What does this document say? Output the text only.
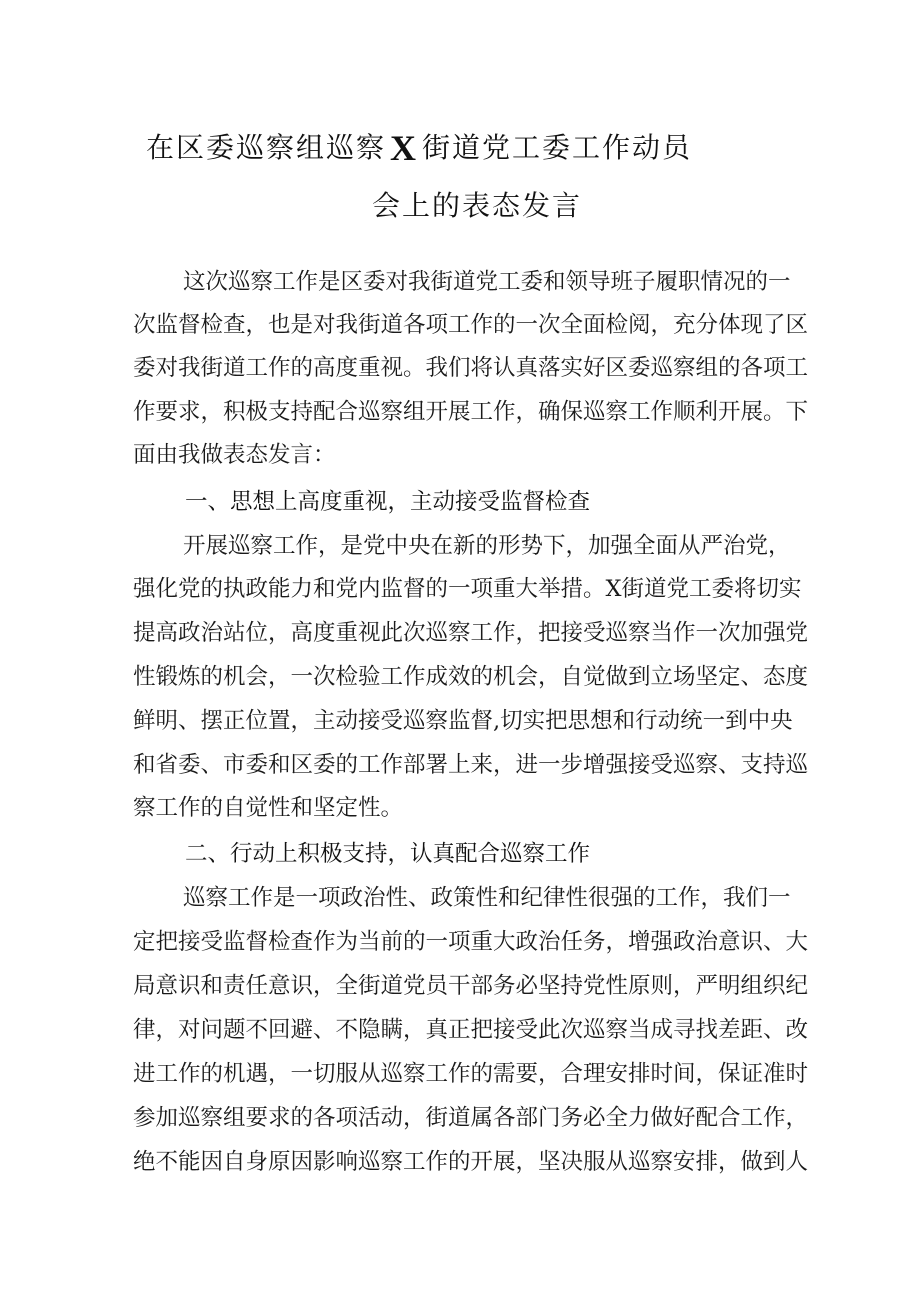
在区委巡察组巡察 X 街道党工委工作动员
会上的表态发言
这次巡察工作是区委对我街道党工委和领导班子履职情况的一
次监督检查，也是对我街道各项工作的一次全面检阅，充分体现了区
委对我街道工作的高度重视。我们将认真落实好区委巡察组的各项工
作要求，积极支持配合巡察组开展工作，确保巡察工作顺利开展。下
面由我做表态发言：
一、思想上高度重视，主动接受监督检查
开展巡察工作，是党中央在新的形势下，加强全面从严治党，
强化党的执政能力和党内监督的一项重大举措。X街道党工委将切实
提高政治站位，高度重视此次巡察工作，把接受巡察当作一次加强党
性锻炼的机会，一次检验工作成效的机会，自觉做到立场坚定、态度
鲜明、摆正位置，主动接受巡察监督,切实把思想和行动统一到中央
和省委、市委和区委的工作部署上来，进一步增强接受巡察、支持巡
察工作的自觉性和坚定性。
二、行动上积极支持，认真配合巡察工作
巡察工作是一项政治性、政策性和纪律性很强的工作，我们一
定把接受监督检查作为当前的一项重大政治任务，增强政治意识、大
局意识和责任意识，全街道党员干部务必坚持党性原则，严明组织纪
律，对问题不回避、不隐瞒，真正把接受此次巡察当成寻找差距、改
进工作的机遇，一切服从巡察工作的需要，合理安排时间，保证准时
参加巡察组要求的各项活动，街道属各部门务必全力做好配合工作，
绝不能因自身原因影响巡察工作的开展，坚决服从巡察安排，做到人
